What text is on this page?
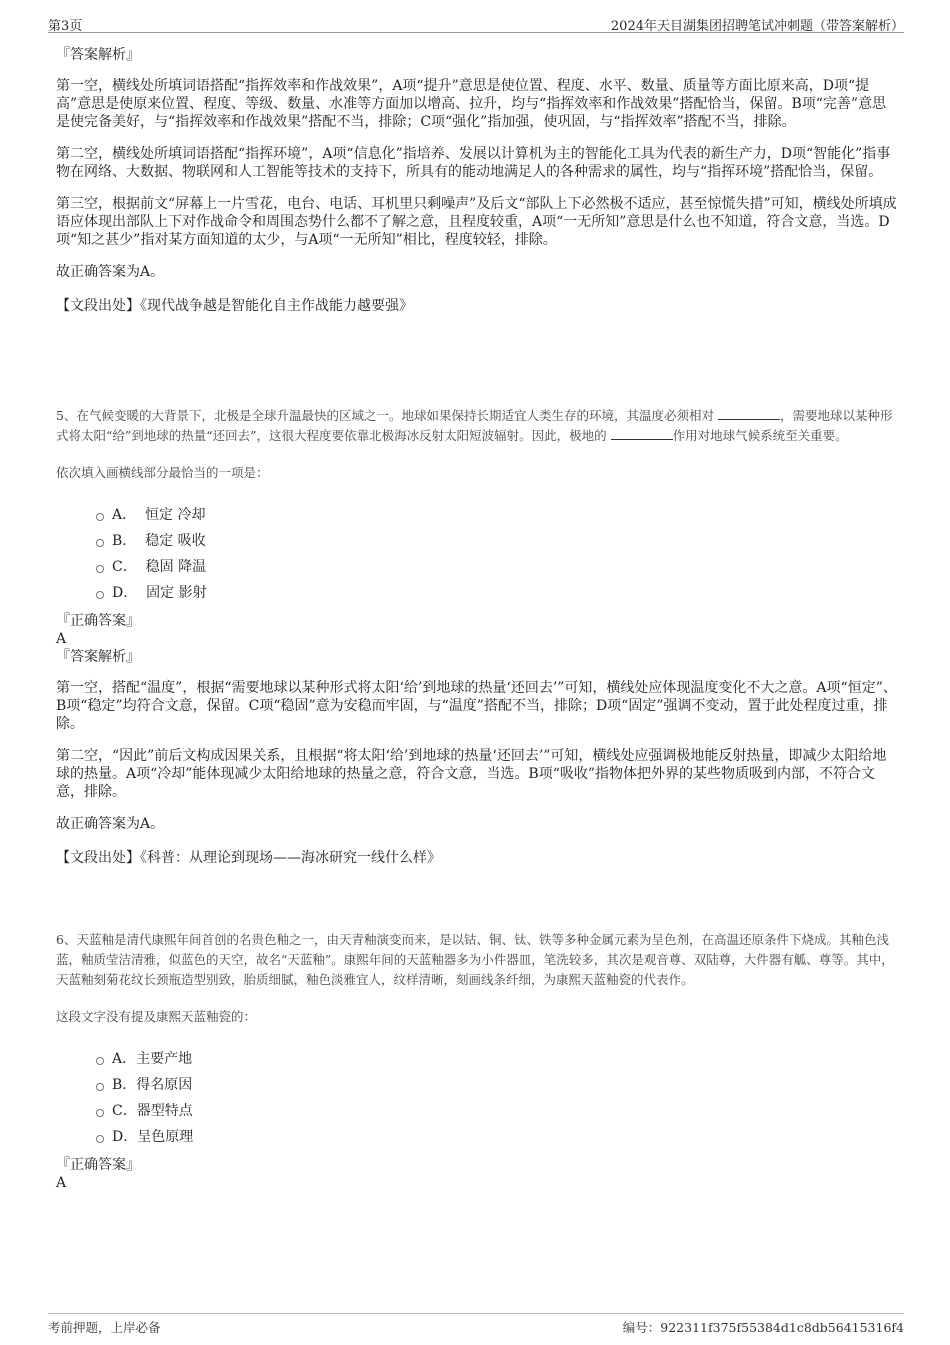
第3页	2024年天目湖集团招聘笔试冲刺题（带答案解析）

『答案解析』

第一空，横线处所填词语搭配“指挥效率和作战效果”，A项“提升”意思是使位置、程度、水平、数量、质量等方面比原来高，D项“提高”意思是使原来位置、程度、等级、数量、水准等方面加以增高、拉升，均与“指挥效率和作战效果”搭配恰当，保留。B项“完善”意思是使完备美好，与“指挥效率和作战效果”搭配不当，排除；C项“强化”指加强，使巩固，与“指挥效率”搭配不当，排除。

第二空，横线处所填词语搭配“指挥环境”，A项“信息化”指培养、发展以计算机为主的智能化工具为代表的新生产力，D项“智能化”指事物在网络、大数据、物联网和人工智能等技术的支持下，所具有的能动地满足人的各种需求的属性，均与“指挥环境”搭配恰当，保留。

第三空，根据前文“屏幕上一片雪花，电台、电话、耳机里只剩噪声”及后文“部队上下必然极不适应，甚至惊慌失措”可知，横线处所填成语应体现出部队上下对作战命令和周围态势什么都不了解之意，且程度较重，A项“一无所知”意思是什么也不知道，符合文意，当选。D项“知之甚少”指对某方面知道的太少，与A项“一无所知”相比，程度较轻，排除。

故正确答案为A。

【文段出处】《现代战争越是智能化自主作战能力越要强》

5、在气候变暖的大背景下，北极是全球升温最快的区域之一。地球如果保持长期适宜人类生存的环境，其温度必须相对	，需要地球以某种形式将太阳“给”到地球的热量“还回去”，这很大程度要依靠北极海冰反射太阳短波辐射。因此，极地的	作用对地球气候系统至关重要。

依次填入画横线部分最恰当的一项是：

A．
恒定 冷却
B．
稳定 吸收
C．
稳固 降温
D．
固定 影射

『正确答案』

A

『答案解析』

第一空，搭配“温度”，根据“需要地球以某种形式将太阳‘给’到地球的热量‘还回去’”可知，横线处应体现温度变化不大之意。A项“恒定”、B项“稳定”均符合文意，保留。C项“稳固”意为安稳而牢固，与“温度”搭配不当，排除；D项“固定”强调不变动，置于此处程度过重，排除。

第二空，“因此”前后文构成因果关系，且根据“将太阳‘给’到地球的热量‘还回去’”可知，横线处应强调极地能反射热量，即减少太阳给地球的热量。A项“冷却”能体现减少太阳给地球的热量之意，符合文意，当选。B项“吸收”指物体把外界的某些物质吸到内部，不符合文意，排除。

故正确答案为A。

【文段出处】《科普：从理论到现场——海冰研究一线什么样》

6、天蓝釉是清代康熙年间首创的名贵色釉之一，由天青釉演变而来，是以钴、铜、钛、铁等多种金属元素为呈色剂，在高温还原条件下烧成。其釉色浅蓝，釉质莹洁清雅，似蓝色的天空，故名“天蓝釉”。康熙年间的天蓝釉器多为小件器皿，笔洗较多，其次是观音尊、双陆尊，大件器有觚、尊等。其中，天蓝釉刻菊花纹长颈瓶造型别致，胎质细腻，釉色淡雅宜人，纹样清晰，刻画线条纤细，为康熙天蓝釉瓷的代表作。

这段文字没有提及康熙天蓝釉瓷的：

A． 主要产地
B． 得名原因
C． 器型特点
D． 呈色原理

『正确答案』

A

考前押题，上岸必备	编号：922311f375f55384d1c8db56415316f4
